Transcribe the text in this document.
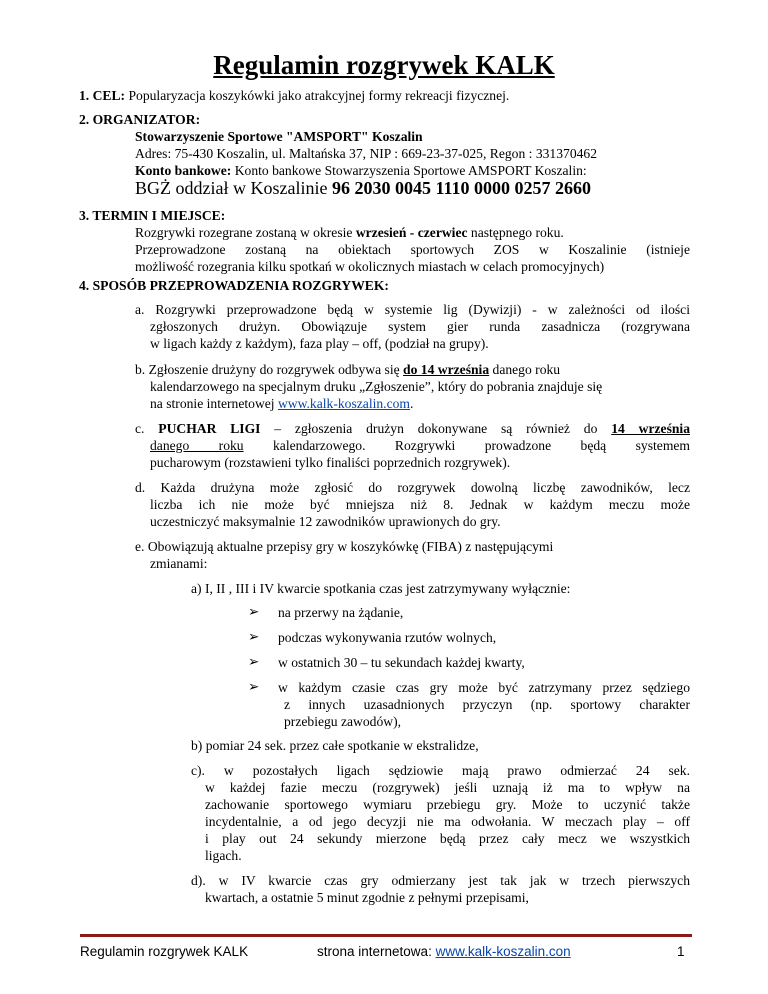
Regulamin rozgrywek KALK
1. CEL: Popularyzacja koszykówki jako atrakcyjnej formy rekreacji fizycznej.
2. ORGANIZATOR:
Stowarzyszenie Sportowe "AMSPORT" Koszalin
Adres: 75-430 Koszalin, ul. Maltańska 37, NIP : 669-23-37-025, Regon : 331370462
Konto bankowe: Konto bankowe Stowarzyszenia Sportowe AMSPORT Koszalin:
BGŻ oddział w Koszalinie 96 2030 0045 1110 0000 0257 2660
3. TERMIN I MIEJSCE:
Rozgrywki rozegrane zostaną w okresie wrzesień - czerwiec następnego roku.
Przeprowadzone zostaną na obiektach sportowych ZOS w Koszalinie (istnieje
możliwość rozegrania kilku spotkań w okolicznych miastach w celach promocyjnych)
4. SPOSÓB PRZEPROWADZENIA ROZGRYWEK:
a. Rozgrywki przeprowadzone będą w systemie lig (Dywizji) - w zależności od ilości
zgłoszonych drużyn. Obowiązuje system gier runda zasadnicza (rozgrywana
w ligach każdy z każdym), faza play – off, (podział na grupy).
b. Zgłoszenie drużyny do rozgrywek odbywa się do 14 września danego roku
kalendarzowego na specjalnym druku „Zgłoszenie”, który do pobrania znajduje się
na stronie internetowej www.kalk-koszalin.com.
c. PUCHAR LIGI – zgłoszenia drużyn dokonywane są również do 14 września
danego roku kalendarzowego. Rozgrywki prowadzone będą systemem
pucharowym (rozstawieni tylko finaliści poprzednich rozgrywek).
d. Każda drużyna może zgłosić do rozgrywek dowolną liczbę zawodników, lecz
liczba ich nie może być mniejsza niż 8. Jednak w każdym meczu może
uczestniczyć maksymalnie 12 zawodników uprawionych do gry.
e. Obowiązują aktualne przepisy gry w koszykówkę (FIBA) z następującymi
zmianami:
a) I, II , III i IV kwarcie spotkania czas jest zatrzymywany wyłącznie:
➢ na przerwy na żądanie,
➢ podczas wykonywania rzutów wolnych,
➢ w ostatnich 30 – tu sekundach każdej kwarty,
➢ w każdym czasie czas gry może być zatrzymany przez sędziego
z innych uzasadnionych przyczyn (np. sportowy charakter
przebiegu zawodów),
b) pomiar 24 sek. przez całe spotkanie w ekstralidze,
c). w pozostałych ligach sędziowie mają prawo odmierzać 24 sek.
w każdej fazie meczu (rozgrywek) jeśli uznają iż ma to wpływ na
zachowanie sportowego wymiaru przebiegu gry. Może to uczynić także
incydentalnie, a od jego decyzji nie ma odwołania. W meczach play – off
i play out 24 sekundy mierzone będą przez cały mecz we wszystkich
ligach.
d). w IV kwarcie czas gry odmierzany jest tak jak w trzech pierwszych
kwartach, a ostatnie 5 minut zgodnie z pełnymi przepisami,
Regulamin rozgrywek KALK	strona internetowa: www.kalk-koszalin.con	1
